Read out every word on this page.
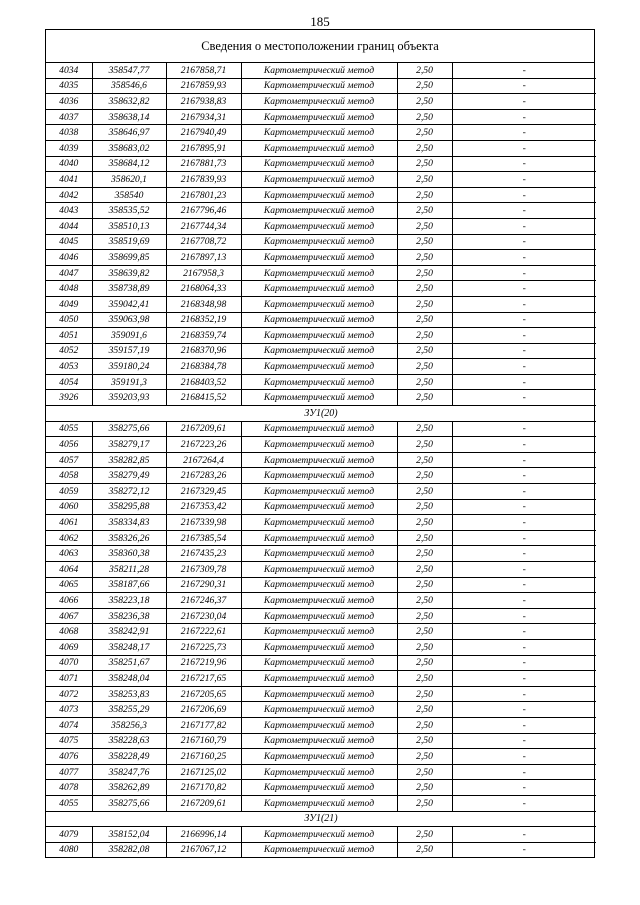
185
Сведения о местоположении границ объекта
4034	358547,77	2167858,71	Картометрический метод	2,50	-
4035	358546,6	2167859,93	Картометрический метод	2,50	-
4036	358632,82	2167938,83	Картометрический метод	2,50	-
4037	358638,14	2167934,31	Картометрический метод	2,50	-
4038	358646,97	2167940,49	Картометрический метод	2,50	-
4039	358683,02	2167895,91	Картометрический метод	2,50	-
4040	358684,12	2167881,73	Картометрический метод	2,50	-
4041	358620,1	2167839,93	Картометрический метод	2,50	-
4042	358540	2167801,23	Картометрический метод	2,50	-
4043	358535,52	2167796,46	Картометрический метод	2,50	-
4044	358510,13	2167744,34	Картометрический метод	2,50	-
4045	358519,69	2167708,72	Картометрический метод	2,50	-
4046	358699,85	2167897,13	Картометрический метод	2,50	-
4047	358639,82	2167958,3	Картометрический метод	2,50	-
4048	358738,89	2168064,33	Картометрический метод	2,50	-
4049	359042,41	2168348,98	Картометрический метод	2,50	-
4050	359063,98	2168352,19	Картометрический метод	2,50	-
4051	359091,6	2168359,74	Картометрический метод	2,50	-
4052	359157,19	2168370,96	Картометрический метод	2,50	-
4053	359180,24	2168384,78	Картометрический метод	2,50	-
4054	359191,3	2168403,52	Картометрический метод	2,50	-
3926	359203,93	2168415,52	Картометрический метод	2,50	-
ЗУ1(20)					
4055	358275,66	2167209,61	Картометрический метод	2,50	-
4056	358279,17	2167223,26	Картометрический метод	2,50	-
4057	358282,85	2167264,4	Картометрический метод	2,50	-
4058	358279,49	2167283,26	Картометрический метод	2,50	-
4059	358272,12	2167329,45	Картометрический метод	2,50	-
4060	358295,88	2167353,42	Картометрический метод	2,50	-
4061	358334,83	2167339,98	Картометрический метод	2,50	-
4062	358326,26	2167385,54	Картометрический метод	2,50	-
4063	358360,38	2167435,23	Картометрический метод	2,50	-
4064	358211,28	2167309,78	Картометрический метод	2,50	-
4065	358187,66	2167290,31	Картометрический метод	2,50	-
4066	358223,18	2167246,37	Картометрический метод	2,50	-
4067	358236,38	2167230,04	Картометрический метод	2,50	-
4068	358242,91	2167222,61	Картометрический метод	2,50	-
4069	358248,17	2167225,73	Картометрический метод	2,50	-
4070	358251,67	2167219,96	Картометрический метод	2,50	-
4071	358248,04	2167217,65	Картометрический метод	2,50	-
4072	358253,83	2167205,65	Картометрический метод	2,50	-
4073	358255,29	2167206,69	Картометрический метод	2,50	-
4074	358256,3	2167177,82	Картометрический метод	2,50	-
4075	358228,63	2167160,79	Картометрический метод	2,50	-
4076	358228,49	2167160,25	Картометрический метод	2,50	-
4077	358247,76	2167125,02	Картометрический метод	2,50	-
4078	358262,89	2167170,82	Картометрический метод	2,50	-
4055	358275,66	2167209,61	Картометрический метод	2,50	-
ЗУ1(21)					
4079	358152,04	2166996,14	Картометрический метод	2,50	-
4080	358282,08	2167067,12	Картометрический метод	2,50	-
